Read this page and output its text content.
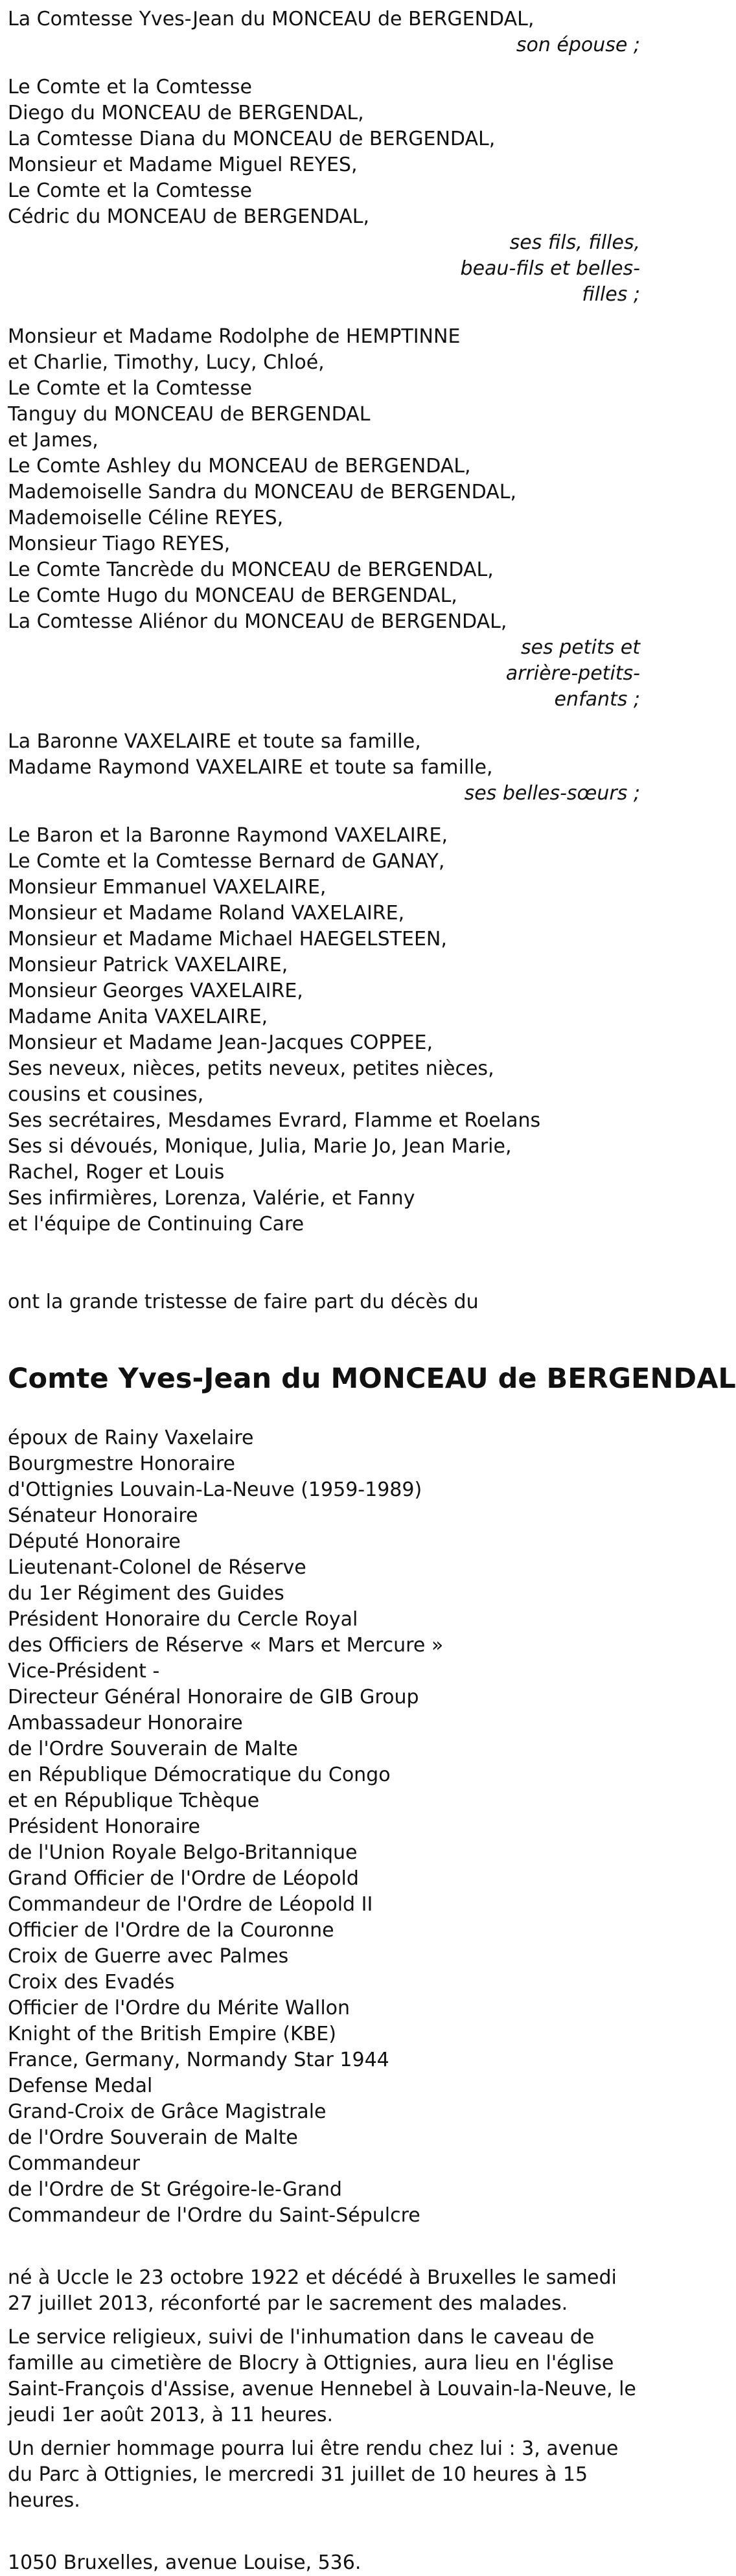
La Comtesse Yves-Jean du MONCEAU de BERGENDAL,
son épouse ;
Le Comte et la Comtesse
Diego du MONCEAU de BERGENDAL,
La Comtesse Diana du MONCEAU de BERGENDAL,
Monsieur et Madame Miguel REYES,
Le Comte et la Comtesse
Cédric du MONCEAU de BERGENDAL,
ses fils, filles,
beau-fils et belles-
filles ;
Monsieur et Madame Rodolphe de HEMPTINNE
et Charlie, Timothy, Lucy, Chloé,
Le Comte et la Comtesse
Tanguy du MONCEAU de BERGENDAL
et James,
Le Comte Ashley du MONCEAU de BERGENDAL,
Mademoiselle Sandra du MONCEAU de BERGENDAL,
Mademoiselle Céline REYES,
Monsieur Tiago REYES,
Le Comte Tancrède du MONCEAU de BERGENDAL,
Le Comte Hugo du MONCEAU de BERGENDAL,
La Comtesse Aliénor du MONCEAU de BERGENDAL,
ses petits et
arrière-petits-
enfants ;
La Baronne VAXELAIRE et toute sa famille,
Madame Raymond VAXELAIRE et toute sa famille,
ses belles-sœurs ;
Le Baron et la Baronne Raymond VAXELAIRE,
Le Comte et la Comtesse Bernard de GANAY,
Monsieur Emmanuel VAXELAIRE,
Monsieur et Madame Roland VAXELAIRE,
Monsieur et Madame Michael HAEGELSTEEN,
Monsieur Patrick VAXELAIRE,
Monsieur Georges VAXELAIRE,
Madame Anita VAXELAIRE,
Monsieur et Madame Jean-Jacques COPPEE,
Ses neveux, nièces, petits neveux, petites nièces,
cousins et cousines,
Ses secrétaires, Mesdames Evrard, Flamme et Roelans
Ses si dévoués, Monique, Julia, Marie Jo, Jean Marie,
Rachel, Roger et Louis
Ses infirmières, Lorenza, Valérie, et Fanny
et l'équipe de Continuing Care
ont la grande tristesse de faire part du décès du
Comte Yves-Jean du MONCEAU de BERGENDAL
époux de Rainy Vaxelaire
Bourgmestre Honoraire
d'Ottignies Louvain-La-Neuve (1959-1989)
Sénateur Honoraire
Député Honoraire
Lieutenant-Colonel de Réserve
du 1er Régiment des Guides
Président Honoraire du Cercle Royal
des Officiers de Réserve « Mars et Mercure »
Vice-Président -
Directeur Général Honoraire de GIB Group
Ambassadeur Honoraire
de l'Ordre Souverain de Malte
en République Démocratique du Congo
et en République Tchèque
Président Honoraire
de l'Union Royale Belgo-Britannique
Grand Officier de l'Ordre de Léopold
Commandeur de l'Ordre de Léopold II
Officier de l'Ordre de la Couronne
Croix de Guerre avec Palmes
Croix des Evadés
Officier de l'Ordre du Mérite Wallon
Knight of the British Empire (KBE)
France, Germany, Normandy Star 1944
Defense Medal
Grand-Croix de Grâce Magistrale
de l'Ordre Souverain de Malte
Commandeur
de l'Ordre de St Grégoire-le-Grand
Commandeur de l'Ordre du Saint-Sépulcre
né à Uccle le 23 octobre 1922 et décédé à Bruxelles le samedi 27 juillet 2013, réconforté par le sacrement des malades.
Le service religieux, suivi de l'inhumation dans le caveau de famille au cimetière de Blocry à Ottignies, aura lieu en l'église Saint-François d'Assise, avenue Hennebel à Louvain-la-Neuve, le jeudi 1er août 2013, à 11 heures.
Un dernier hommage pourra lui être rendu chez lui : 3, avenue du Parc à Ottignies, le mercredi 31 juillet de 10 heures à 15 heures.
1050 Bruxelles, avenue Louise, 536.
